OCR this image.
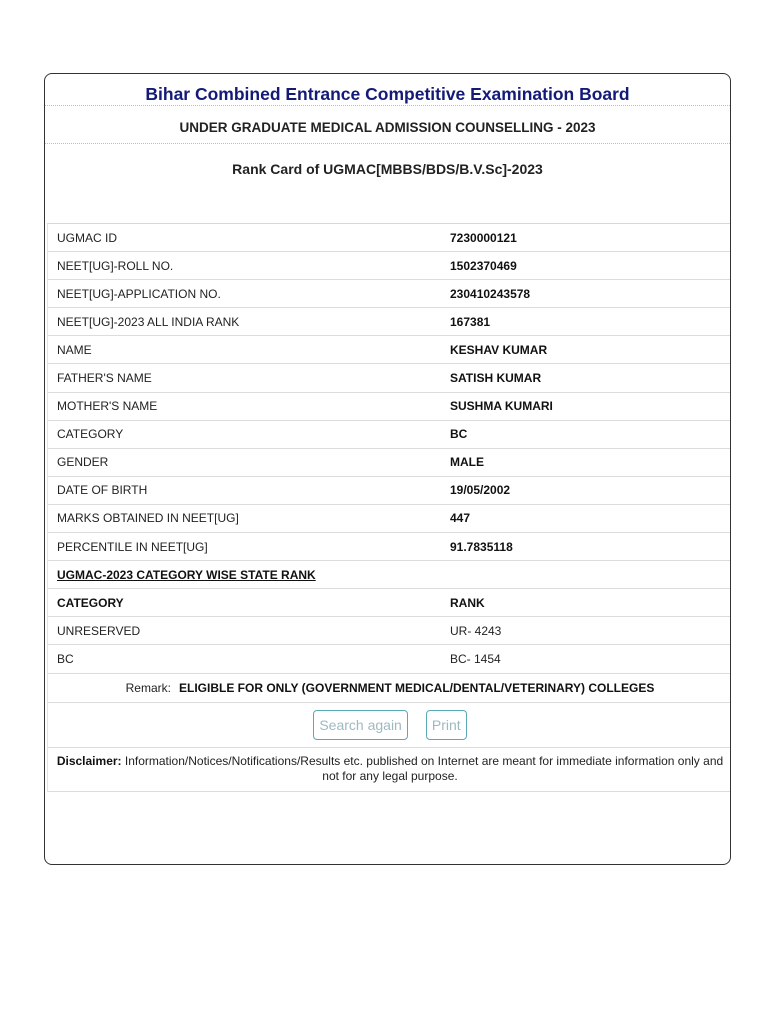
Bihar Combined Entrance Competitive Examination Board
UNDER GRADUATE MEDICAL ADMISSION COUNSELLING - 2023
Rank Card of UGMAC[MBBS/BDS/B.V.Sc]-2023
UGMAC ID	7230000121
NEET[UG]-ROLL NO.	1502370469
NEET[UG]-APPLICATION NO.	230410243578
NEET[UG]-2023 ALL INDIA RANK	167381
NAME	KESHAV KUMAR
FATHER'S NAME	SATISH KUMAR
MOTHER'S NAME	SUSHMA KUMARI
CATEGORY	BC
GENDER	MALE
DATE OF BIRTH	19/05/2002
MARKS OBTAINED IN NEET[UG]	447
PERCENTILE IN NEET[UG]	91.7835118
UGMAC-2023 CATEGORY WISE STATE RANK
CATEGORY	RANK
UNRESERVED	UR- 4243
BC	BC- 1454
Remark: ELIGIBLE FOR ONLY (GOVERNMENT MEDICAL/DENTAL/VETERINARY) COLLEGES
Search again	Print
Disclaimer: Information/Notices/Notifications/Results etc. published on Internet are meant for immediate information only and not for any legal purpose.
